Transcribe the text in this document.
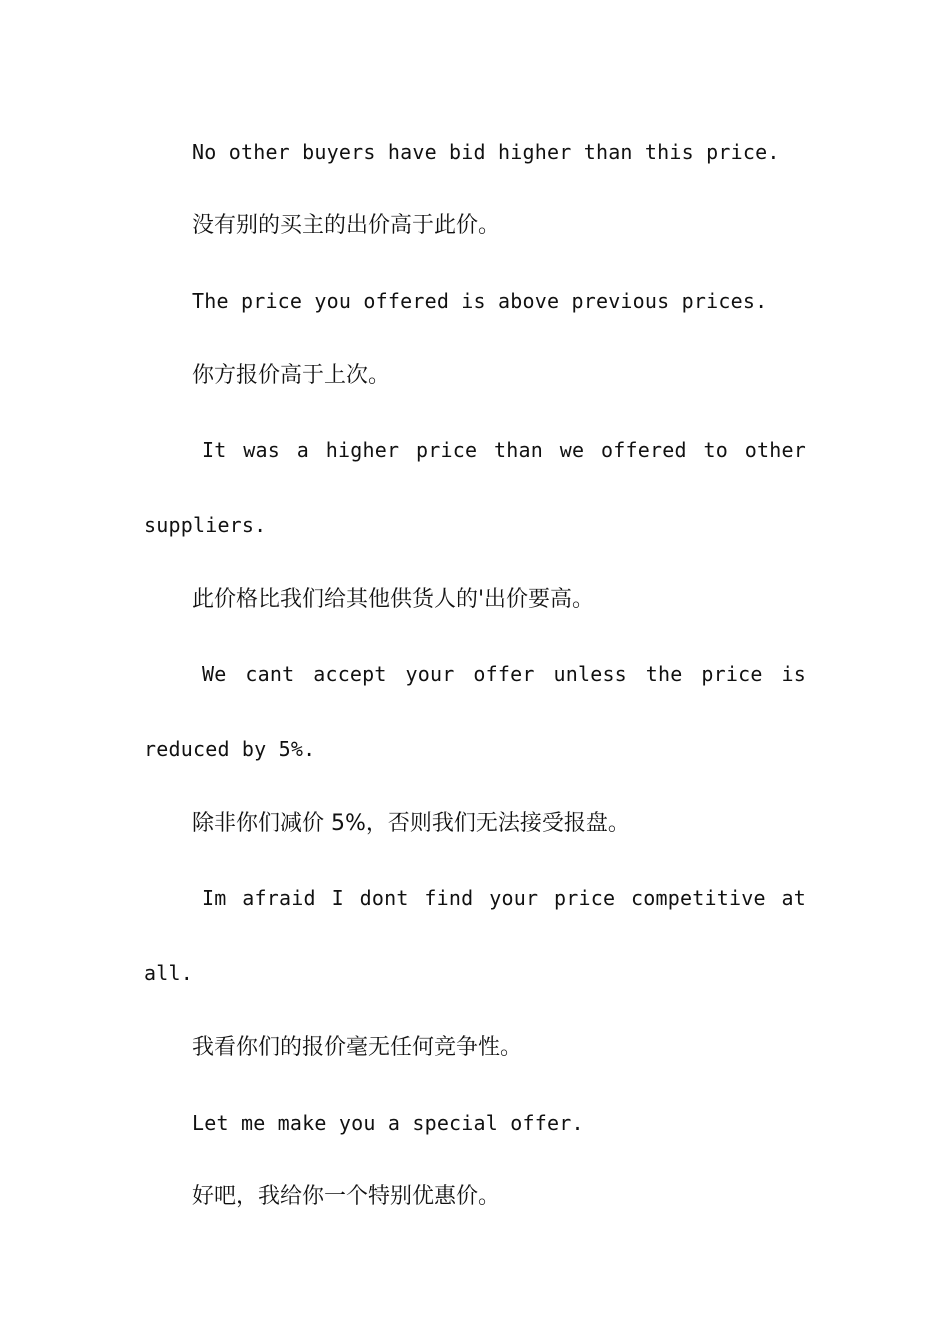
No other buyers have bid higher than this price.
没有别的买主的出价高于此价。
The price you offered is above previous prices.
你方报价高于上次。
It was a higher price than we offered to other
suppliers.
此价格比我们给其他供货人的'出价要高。
We cant accept your offer unless the price is
reduced by 5%.
除非你们减价 5%，否则我们无法接受报盘。
Im afraid I dont find your price competitive at
all.
我看你们的报价毫无任何竞争性。
Let me make you a special offer.
好吧，我给你一个特别优惠价。
